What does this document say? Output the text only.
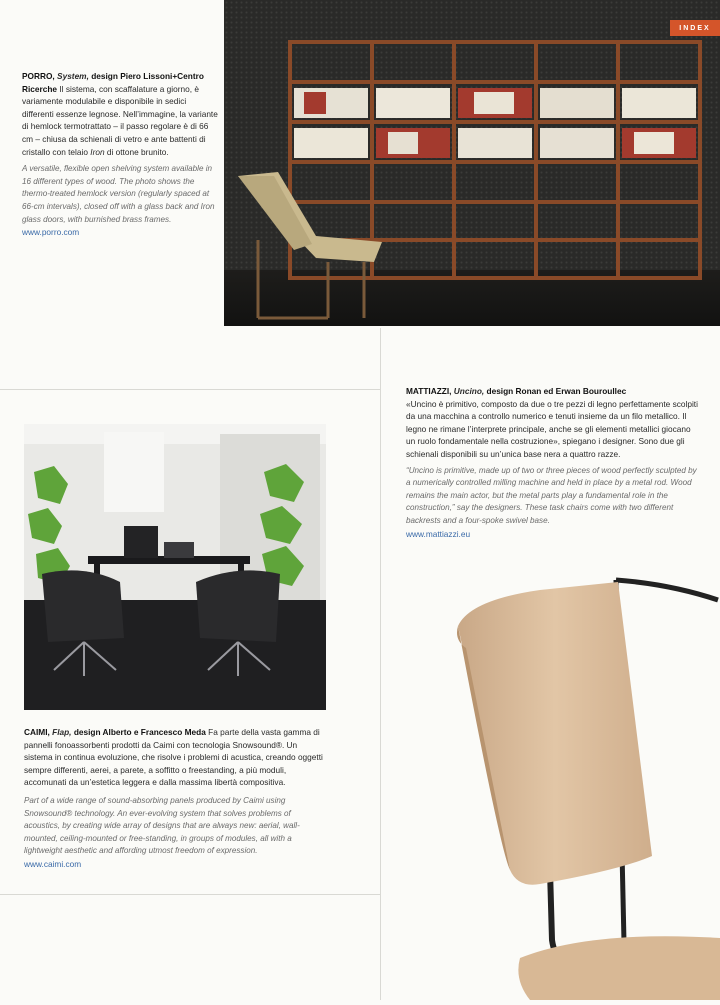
INDEX

PORRO, System, design Piero Lissoni+Centro Ricerche Il sistema, con scaffalature a giorno, è variamente modulabile e disponibile in sedici differenti essenze legnose. Nell’immagine, la variante di hemlock termotrattato – il passo regolare è di 66 cm – chiusa da schienali di vetro e ante battenti di cristallo con telaio Iron di ottone brunito.

A versatile, flexible open shelving system available in 16 different types of wood. The photo shows the thermo-treated hemlock version (regularly spaced at 66-cm intervals), closed off with a glass back and Iron glass doors, with burnished brass frames. www.porro.com

MATTIAZZI, Uncino, design Ronan ed Erwan Bouroullec
«Uncino è primitivo, composto da due o tre pezzi di legno perfettamente scolpiti da una macchina a controllo numerico e tenuti insieme da un filo metallico. Il legno ne rimane l’interprete principale, anche se gli elementi metallici giocano un ruolo fondamentale nella costruzione», spiegano i designer. Sono due gli schienali disponibili su un’unica base nera a quattro razze.

“Uncino is primitive, made up of two or three pieces of wood perfectly sculpted by a numerically controlled milling machine and held in place by a metal rod. Wood remains the main actor, but the metal parts play a fundamental role in the construction,” say the designers. These task chairs come with two different backrests and a four-spoke swivel base.
www.mattiazzi.eu

CAIMI, Flap, design Alberto e Francesco Meda Fa parte della vasta gamma di pannelli fonoassorbenti prodotti da Caimi con tecnologia Snowsound®. Un sistema in continua evoluzione, che risolve i problemi di acustica, creando oggetti sempre differenti, aerei, a parete, a soffitto o freestanding, a più moduli, accomunati da un’estetica leggera e dalla massima libertà compositiva.

Part of a wide range of sound-absorbing panels produced by Caimi using Snowsound® technology. An ever-evolving system that solves problems of acoustics, by creating wide array of designs that are always new: aerial, wall-mounted, ceiling-mounted or free-standing, in groups of modules, all with a lightweight aesthetic and affording utmost freedom of expression.
www.caimi.com
